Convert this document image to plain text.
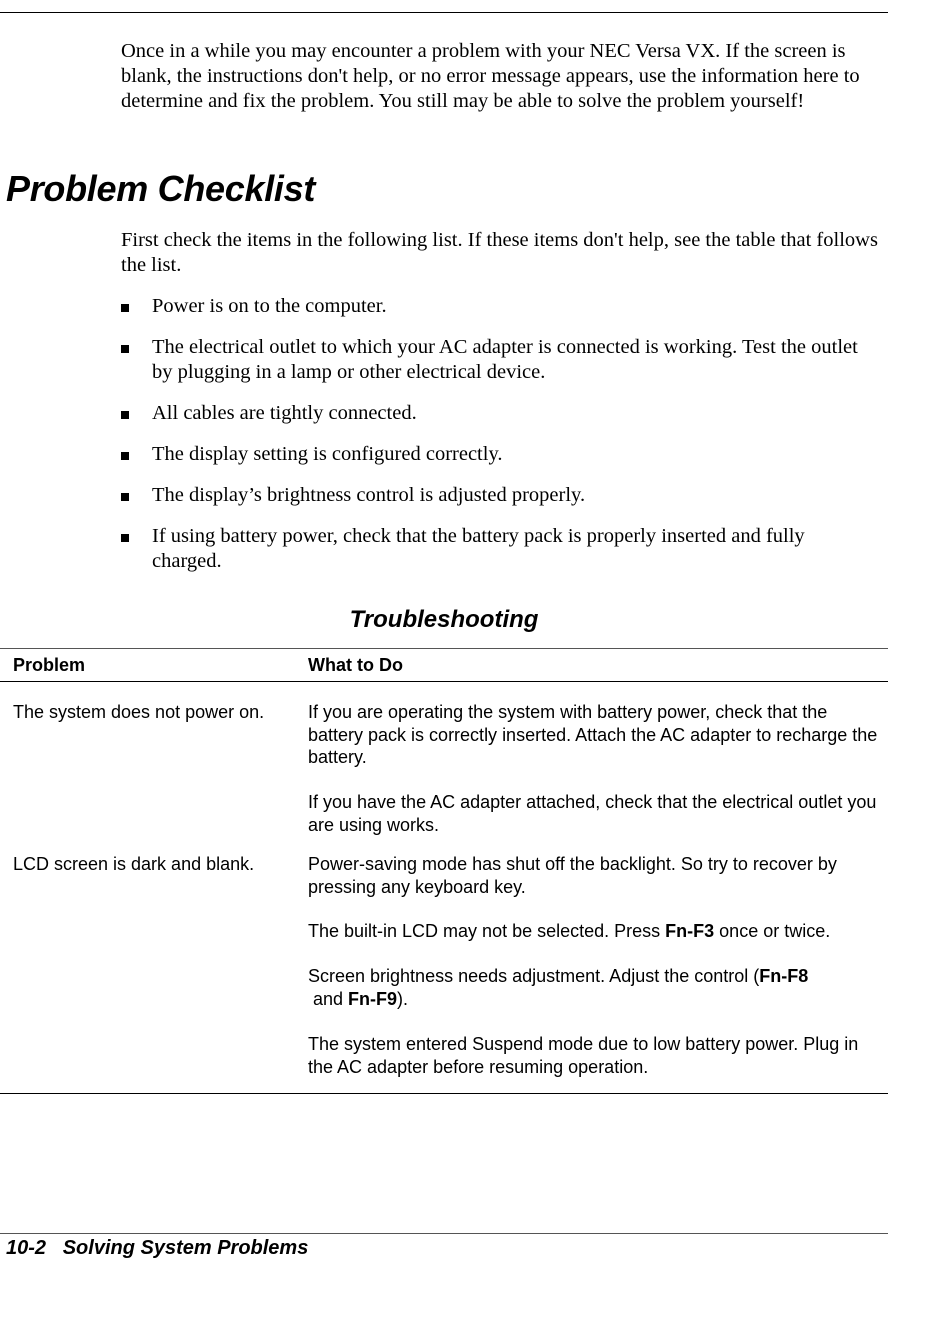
Once in a while you may encounter a problem with your NEC Versa VX. If the screen is blank, the instructions don't help, or no error message appears, use the information here to determine and fix the problem. You still may be able to solve the problem yourself!

Problem Checklist

First check the items in the following list. If these items don't help, see the table that follows the list.

Power is on to the computer.
The electrical outlet to which your AC adapter is connected is working. Test the outlet by plugging in a lamp or other electrical device.
All cables are tightly connected.
The display setting is configured correctly.
The display’s brightness control is adjusted properly.
If using battery power, check that the battery pack is properly inserted and fully charged.
Troubleshooting
Problem	What to Do
The system does not power on.	If you are operating the system with battery power, check that the battery pack is correctly inserted. Attach the AC adapter to recharge the battery.
If you have the AC adapter attached, check that the electrical outlet you are using works.
LCD screen is dark and blank.	Power-saving mode has shut off the backlight. So try to recover by pressing any keyboard key.
The built-in LCD may not be selected. Press Fn-F3 once or twice.
Screen brightness needs adjustment. Adjust the control (Fn-F8
and Fn-F9).
The system entered Suspend mode due to low battery power. Plug in the AC adapter before resuming operation.
10-2 Solving System Problems
